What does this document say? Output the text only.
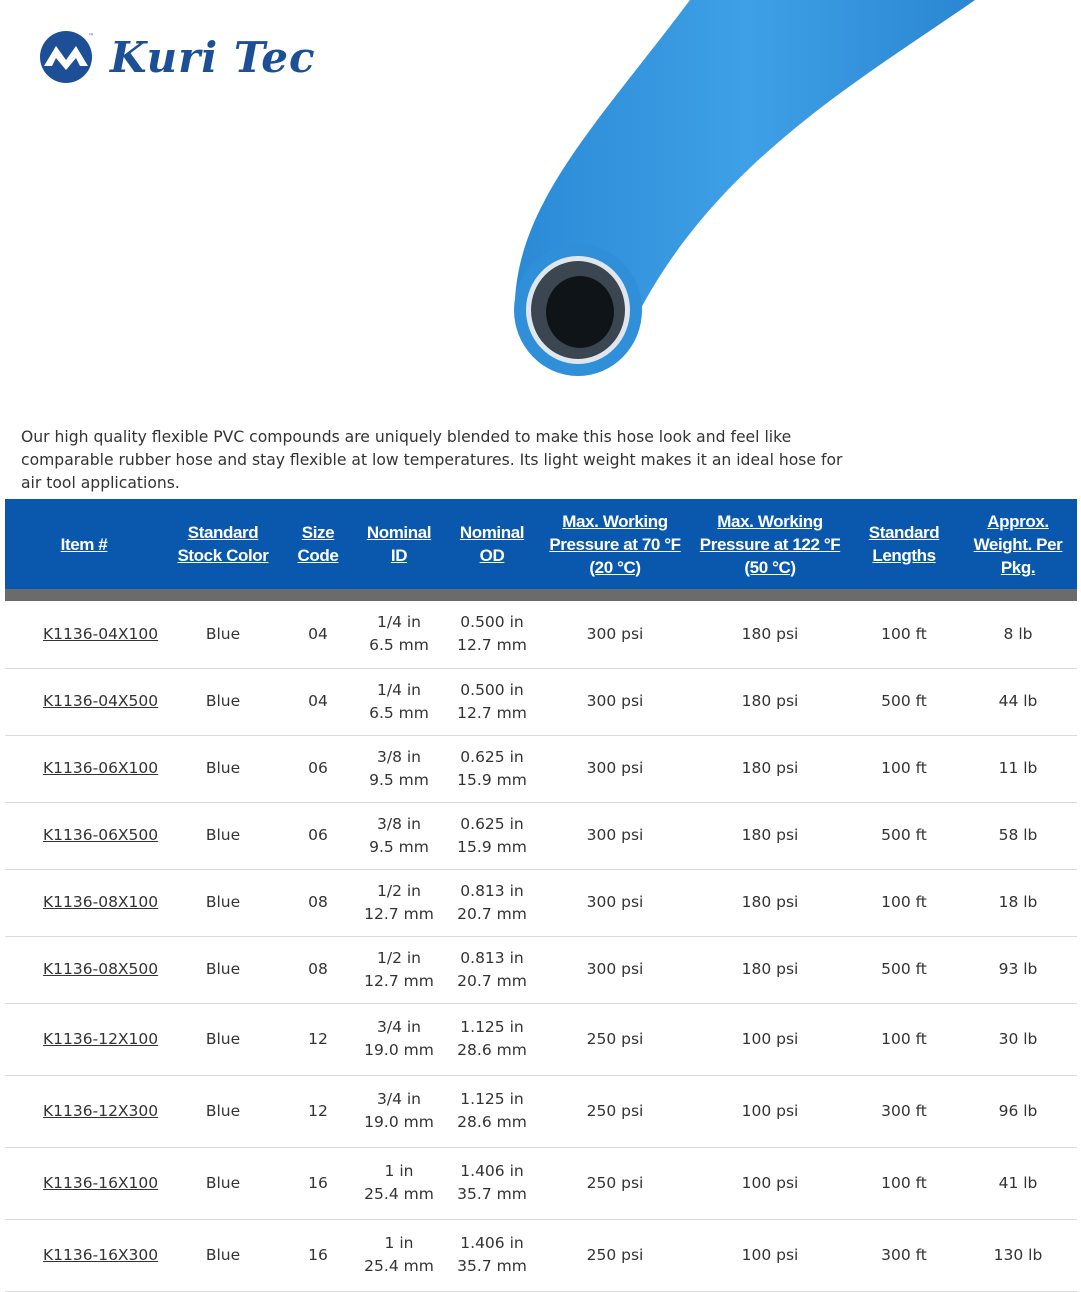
™ Kuri Tec

Our high quality flexible PVC compounds are uniquely blended to make this hose look and feel like comparable rubber hose and stay flexible at low temperatures. Its light weight makes it an ideal hose for air tool applications.

Item #	Standard Stock Color	Size Code	Nominal ID	Nominal OD	Max. Working Pressure at 70 °F (20 °C)	Max. Working Pressure at 122 °F (50 °C)	Standard Lengths	Approx. Weight. Per Pkg.

K1136-04X100	Blue	04	1/4 in
6.5 mm	0.500 in
12.7 mm	300 psi	180 psi	100 ft	8 lb
K1136-04X500	Blue	04	1/4 in
6.5 mm	0.500 in
12.7 mm	300 psi	180 psi	500 ft	44 lb
K1136-06X100	Blue	06	3/8 in
9.5 mm	0.625 in
15.9 mm	300 psi	180 psi	100 ft	11 lb
K1136-06X500	Blue	06	3/8 in
9.5 mm	0.625 in
15.9 mm	300 psi	180 psi	500 ft	58 lb
K1136-08X100	Blue	08	1/2 in
12.7 mm	0.813 in
20.7 mm	300 psi	180 psi	100 ft	18 lb
K1136-08X500	Blue	08	1/2 in
12.7 mm	0.813 in
20.7 mm	300 psi	180 psi	500 ft	93 lb
K1136-12X100	Blue	12	3/4 in
19.0 mm	1.125 in
28.6 mm	250 psi	100 psi	100 ft	30 lb
K1136-12X300	Blue	12	3/4 in
19.0 mm	1.125 in
28.6 mm	250 psi	100 psi	300 ft	96 lb
K1136-16X100	Blue	16	1 in
25.4 mm	1.406 in
35.7 mm	250 psi	100 psi	100 ft	41 lb
K1136-16X300	Blue	16	1 in
25.4 mm	1.406 in
35.7 mm	250 psi	100 psi	300 ft	130 lb
